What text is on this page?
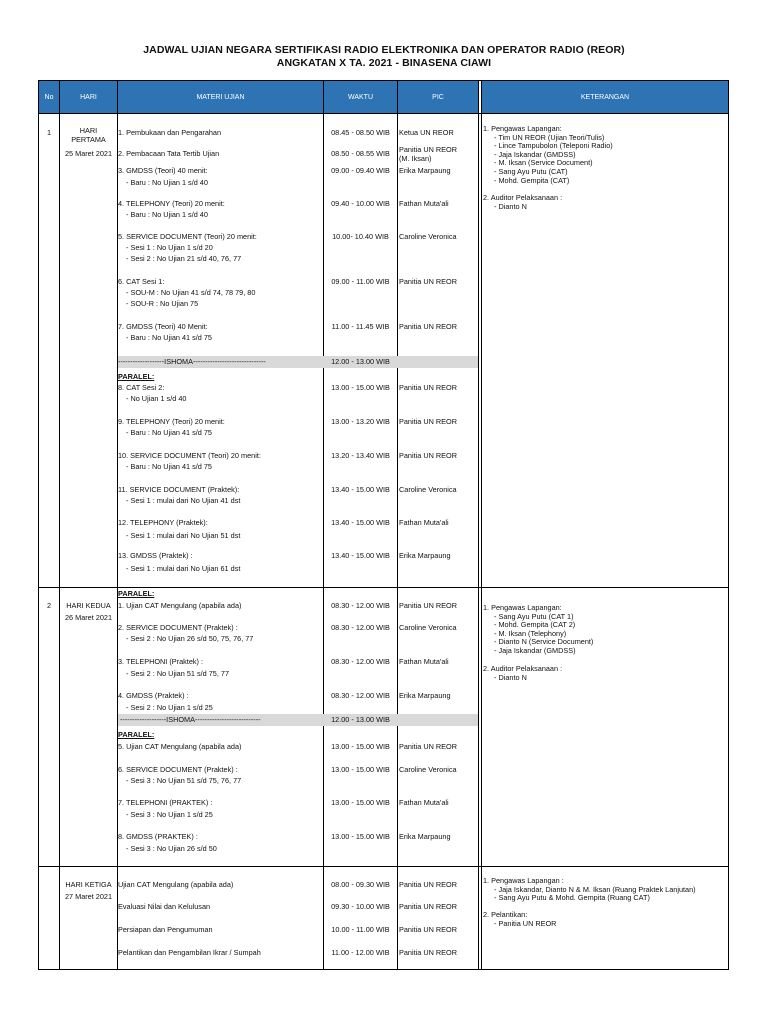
JADWAL UJIAN NEGARA SERTIFIKASI RADIO ELEKTRONIKA DAN OPERATOR RADIO (REOR)
ANGKATAN X TA. 2021 - BINASENA CIAWI
No	HARI	MATERI UJIAN	WAKTU	PIC	KETERANGAN
1	HARI
PERTAMA
25 Maret 2021
1. Pembukaan dan Pengarahan	08.45 - 08.50 WIB	Ketua UN REOR
2. Pembacaan Tata Tertib Ujian	08.50 - 08.55 WIB	Panitia UN REOR
(M. Iksan)
3. GMDSS (Teori) 40 menit:
- Baru : No Ujian 1 s/d 40
09.00 - 09.40 WIB	Erika Marpaung
4. TELEPHONY (Teori) 20 menit:
- Baru : No Ujian 1 s/d 40
09.40 - 10.00 WIB	Fathan Muta'ali
5. SERVICE DOCUMENT (Teori) 20 menit:
- Sesi 1 : No Ujian 1 s/d 20
- Sesi 2 : No Ujian 21 s/d 40, 76, 77
10.00- 10.40 WIB	Caroline Veronica
6. CAT Sesi 1:
- SOU-M : No Ujian 41 s/d 74, 78 79, 80
- SOU-R : No Ujian 75
09.00 - 11.00 WIB	Panitia UN REOR
7. GMDSS (Teori) 40 Menit:
- Baru : No Ujian 41 s/d 75
11.00 - 11.45 WIB	Panitia UN REOR
-------------------ISHOMA------------------------------	12.00 - 13.00 WIB
PARALEL:
8. CAT Sesi 2:
- No Ujian 1 s/d 40
13.00 - 15.00 WIB	Panitia UN REOR
9. TELEPHONY (Teori) 20 menit:
- Baru : No Ujian 41 s/d 75
13.00 - 13.20 WIB	Panitia UN REOR
10. SERVICE DOCUMENT (Teori) 20 menit:
- Baru : No Ujian 41 s/d 75
13.20 - 13.40 WIB	Panitia UN REOR
11. SERVICE DOCUMENT (Praktek):
- Sesi 1 : mulai dari No Ujian 41 dst
13.40 - 15.00 WIB	Caroline Veronica
12. TELEPHONY (Praktek):
- Sesi 1 : mulai dari No Ujian 51 dst
13.40 - 15.00 WIB	Fathan Muta'ali
13. GMDSS (Praktek) :
- Sesi 1 : mulai dari No Ujian 61 dst
13.40 - 15.00 WIB	Erika Marpaung
1. Pengawas Lapangan:
- Tim UN REOR (Ujian Teori/Tulis)
- Lince Tampubolon (Teleponi Radio)
- Jaja Iskandar (GMDSS)
- M. Iksan (Service Document)
- Sang Ayu Putu (CAT)
- Mohd. Gempita (CAT)
2. Auditor Pelaksanaan :
- Dianto N
2	HARI KEDUA
26 Maret 2021
PARALEL:
1. Ujian CAT Mengulang (apabila ada)	08.30 - 12.00 WIB	Panitia UN REOR
2. SERVICE DOCUMENT (Praktek) :
- Sesi 2 : No Ujian 26 s/d 50, 75, 76, 77
08.30 - 12.00 WIB	Caroline Veronica
3. TELEPHONI (Praktek) :
- Sesi 2 : No Ujian 51 s/d 75, 77
08.30 - 12.00 WIB	Fathan Muta'ali
4. GMDSS (Praktek) :
- Sesi 2 : No Ujian 1 s/d 25
08.30 - 12.00 WIB	Erika Marpaung
-------------------ISHOMA---------------------------	12.00 - 13.00 WIB
PARALEL:
5. Ujian CAT Mengulang (apabila ada)	13.00 - 15.00 WIB	Panitia UN REOR
6. SERVICE DOCUMENT (Praktek) :
- Sesi 3 : No Ujian 51 s/d 75, 76, 77
13.00 - 15.00 WIB	Caroline Veronica
7. TELEPHONI (PRAKTEK) :
- Sesi 3 : No Ujian 1 s/d 25
13.00 - 15.00 WIB	Fathan Muta'ali
8. GMDSS (PRAKTEK) :
- Sesi 3 : No Ujian 26 s/d 50
13.00 - 15.00 WIB	Erika Marpaung
1. Pengawas Lapangan:
- Sang Ayu Putu (CAT 1)
- Mohd. Gempita (CAT 2)
- M. Iksan (Telephony)
- Dianto N (Service Document)
- Jaja Iskandar (GMDSS)
2. Auditor Pelaksanaan :
- Dianto N
HARI KETIGA
27 Maret 2021
Ujian CAT Mengulang (apabila ada)	08.00 - 09.30 WIB	Panitia UN REOR
Evaluasi Nilai dan Kelulusan	09.30 - 10.00 WIB	Panitia UN REOR
Persiapan dan Pengumuman	10.00 - 11.00 WIB	Panitia UN REOR
Pelantikan dan Pengambilan Ikrar / Sumpah	11.00 - 12.00 WIB	Panitia UN REOR
1. Pengawas Lapangan :
- Jaja Iskandar, Dianto N & M. Iksan (Ruang Praktek Lanjutan)
- Sang Ayu Putu & Mohd. Gempita (Ruang CAT)
2. Pelantikan:
- Panitia UN REOR
